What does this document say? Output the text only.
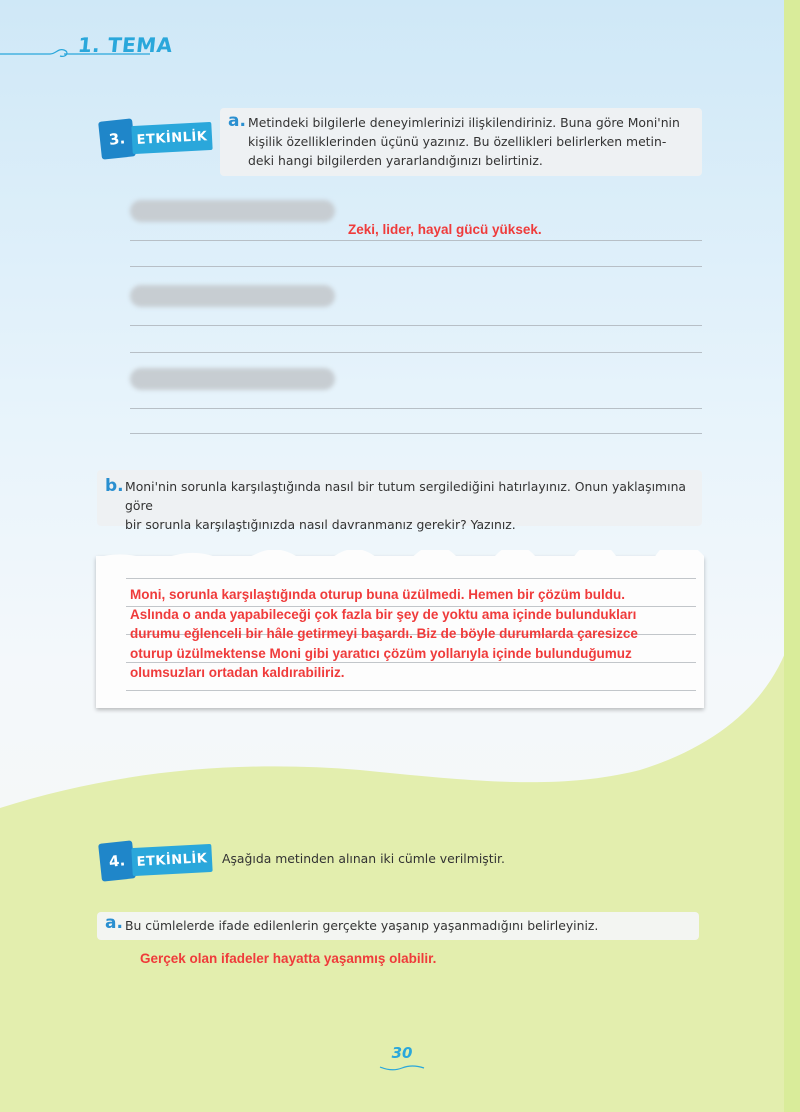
1. TEMA
3. ETKİNLİK
a. Metindeki bilgilerle deneyimlerinizi ilişkilendiriniz. Buna göre Moni'nin
kişilik özelliklerinden üçünü yazınız. Bu özellikleri belirlerken metin-
deki hangi bilgilerden yararlandığınızı belirtiniz.
Zeki, lider, hayal gücü yüksek.
b. Moni'nin sorunla karşılaştığında nasıl bir tutum sergilediğini hatırlayınız. Onun yaklaşımına göre
bir sorunla karşılaştığınızda nasıl davranmanız gerekir? Yazınız.
Moni, sorunla karşılaştığında oturup buna üzülmedi. Hemen bir çözüm buldu.
Aslında o anda yapabileceği çok fazla bir şey de yoktu ama içinde bulundukları
durumu eğlenceli bir hâle getirmeyi başardı. Biz de böyle durumlarda çaresizce
oturup üzülmektense Moni gibi yaratıcı çözüm yollarıyla içinde bulunduğumuz
olumsuzları ortadan kaldırabiliriz.
4. ETKİNLİK	Aşağıda metinden alınan iki cümle verilmiştir.
a. Bu cümlelerde ifade edilenlerin gerçekte yaşanıp yaşanmadığını belirleyiniz.
Gerçek olan ifadeler hayatta yaşanmış olabilir.
30
